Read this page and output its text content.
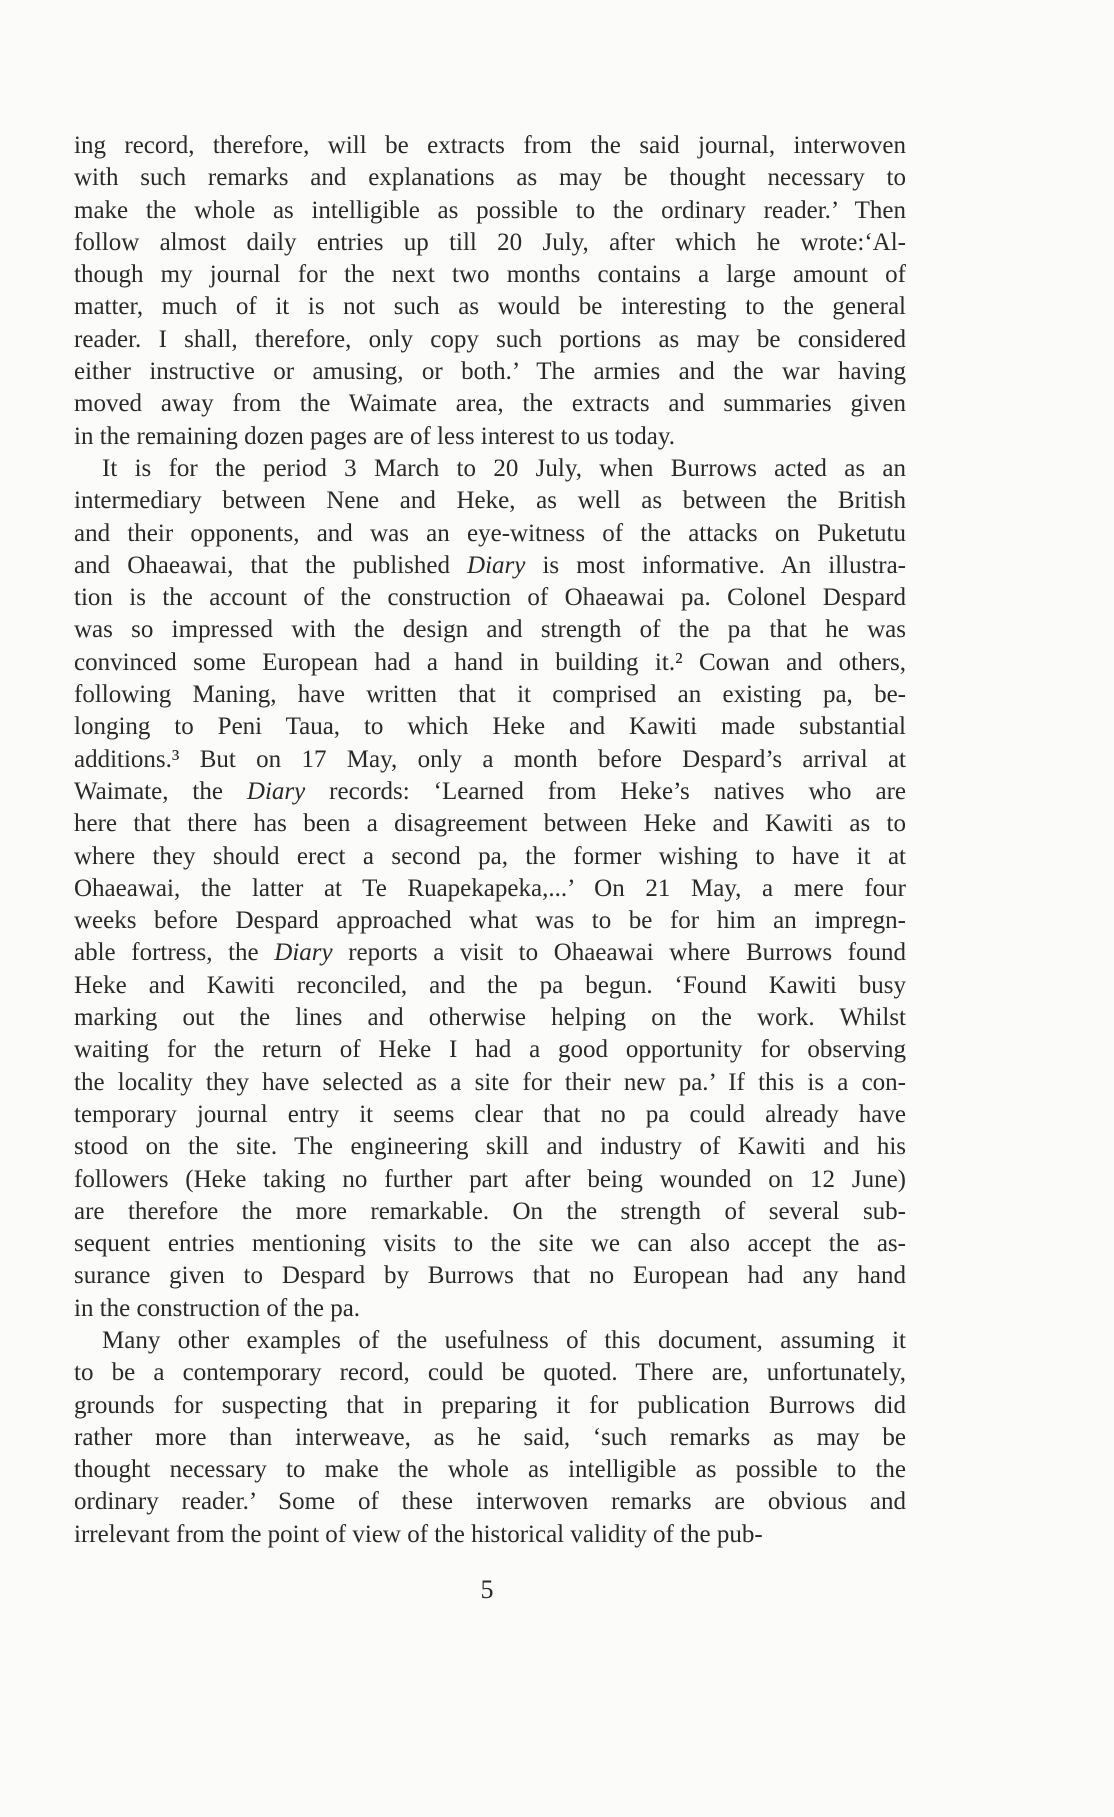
ing record, therefore, will be extracts from the said journal, interwoven
with such remarks and explanations as may be thought necessary to
make the whole as intelligible as possible to the ordinary reader.’ Then
follow almost daily entries up till 20 July, after which he wrote:‘Al-
though my journal for the next two months contains a large amount of
matter, much of it is not such as would be interesting to the general
reader. I shall, therefore, only copy such portions as may be considered
either instructive or amusing, or both.’ The armies and the war having
moved away from the Waimate area, the extracts and summaries given
in the remaining dozen pages are of less interest to us today.
It is for the period 3 March to 20 July, when Burrows acted as an
intermediary between Nene and Heke, as well as between the British
and their opponents, and was an eye-witness of the attacks on Puketutu
and Ohaeawai, that the published Diary is most informative. An illustra-
tion is the account of the construction of Ohaeawai pa. Colonel Despard
was so impressed with the design and strength of the pa that he was
convinced some European had a hand in building it.² Cowan and others,
following Maning, have written that it comprised an existing pa, be-
longing to Peni Taua, to which Heke and Kawiti made substantial
additions.³ But on 17 May, only a month before Despard’s arrival at
Waimate, the Diary records: ‘Learned from Heke’s natives who are
here that there has been a disagreement between Heke and Kawiti as to
where they should erect a second pa, the former wishing to have it at
Ohaeawai, the latter at Te Ruapekapeka,...’ On 21 May, a mere four
weeks before Despard approached what was to be for him an impregn-
able fortress, the Diary reports a visit to Ohaeawai where Burrows found
Heke and Kawiti reconciled, and the pa begun. ‘Found Kawiti busy
marking out the lines and otherwise helping on the work. Whilst
waiting for the return of Heke I had a good opportunity for observing
the locality they have selected as a site for their new pa.’ If this is a con-
temporary journal entry it seems clear that no pa could already have
stood on the site. The engineering skill and industry of Kawiti and his
followers (Heke taking no further part after being wounded on 12 June)
are therefore the more remarkable. On the strength of several sub-
sequent entries mentioning visits to the site we can also accept the as-
surance given to Despard by Burrows that no European had any hand
in the construction of the pa.
Many other examples of the usefulness of this document, assuming it
to be a contemporary record, could be quoted. There are, unfortunately,
grounds for suspecting that in preparing it for publication Burrows did
rather more than interweave, as he said, ‘such remarks as may be
thought necessary to make the whole as intelligible as possible to the
ordinary reader.’ Some of these interwoven remarks are obvious and
irrelevant from the point of view of the historical validity of the pub-
5
